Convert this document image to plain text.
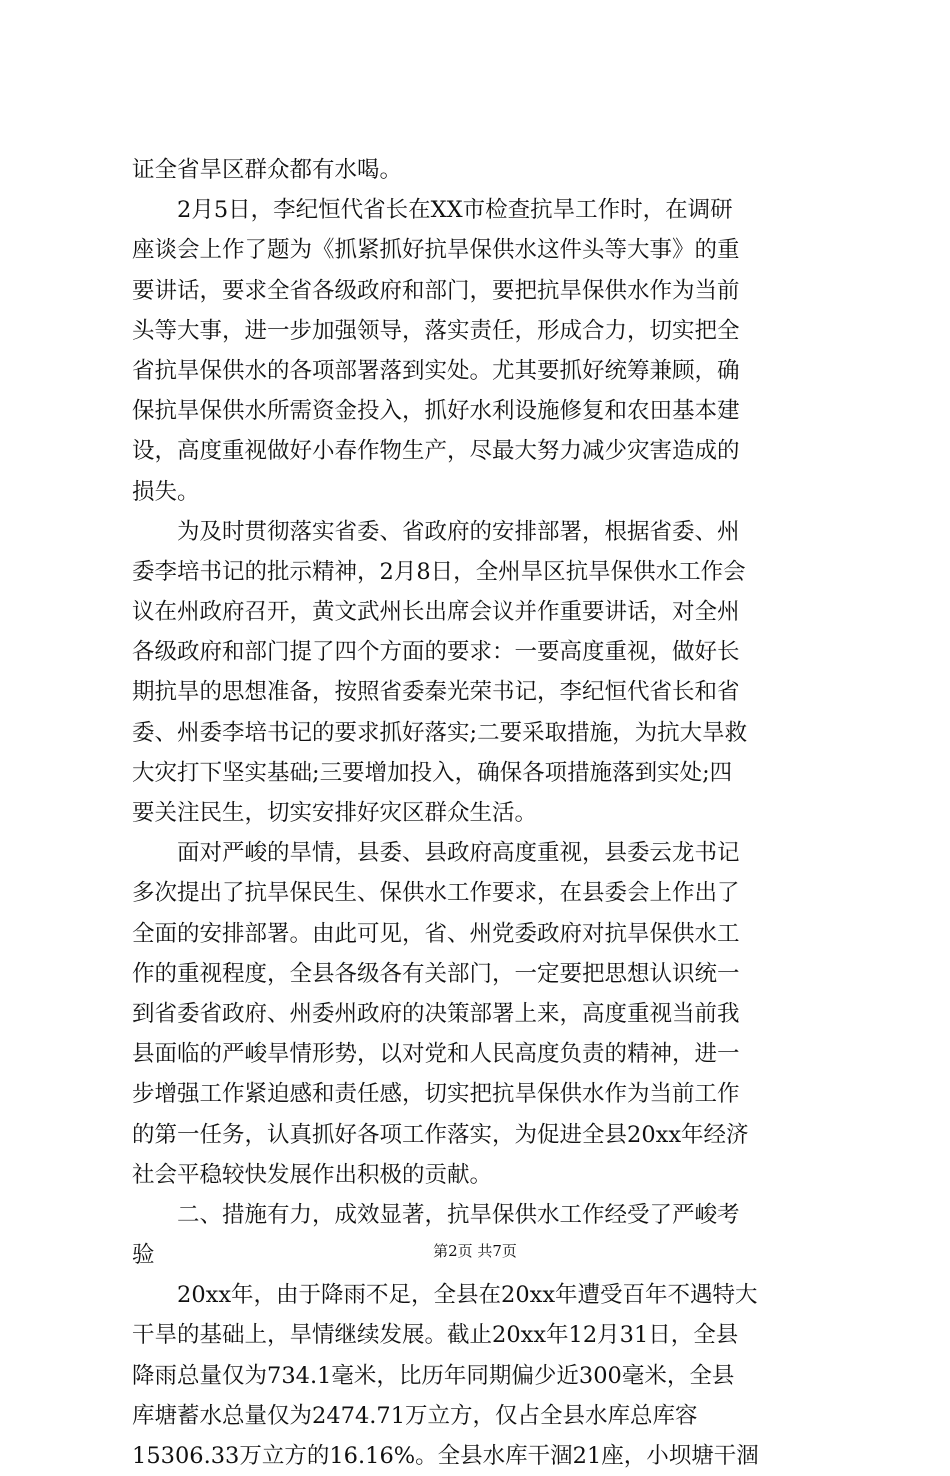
证全省旱区群众都有水喝。
　　2月5日，李纪恒代省长在XX市检查抗旱工作时，在调研
座谈会上作了题为《抓紧抓好抗旱保供水这件头等大事》的重
要讲话，要求全省各级政府和部门，要把抗旱保供水作为当前
头等大事，进一步加强领导，落实责任，形成合力，切实把全
省抗旱保供水的各项部署落到实处。尤其要抓好统筹兼顾，确
保抗旱保供水所需资金投入，抓好水利设施修复和农田基本建
设，高度重视做好小春作物生产，尽最大努力减少灾害造成的
损失。
　　为及时贯彻落实省委、省政府的安排部署，根据省委、州
委李培书记的批示精神，2月8日，全州旱区抗旱保供水工作会
议在州政府召开，黄文武州长出席会议并作重要讲话，对全州
各级政府和部门提了四个方面的要求：一要高度重视，做好长
期抗旱的思想准备，按照省委秦光荣书记，李纪恒代省长和省
委、州委李培书记的要求抓好落实;二要采取措施，为抗大旱救
大灾打下坚实基础;三要增加投入，确保各项措施落到实处;四
要关注民生，切实安排好灾区群众生活。
　　面对严峻的旱情，县委、县政府高度重视，县委云龙书记
多次提出了抗旱保民生、保供水工作要求，在县委会上作出了
全面的安排部署。由此可见，省、州党委政府对抗旱保供水工
作的重视程度，全县各级各有关部门，一定要把思想认识统一
到省委省政府、州委州政府的决策部署上来，高度重视当前我
县面临的严峻旱情形势，以对党和人民高度负责的精神，进一
步增强工作紧迫感和责任感，切实把抗旱保供水作为当前工作
的第一任务，认真抓好各项工作落实，为促进全县20xx年经济
社会平稳较快发展作出积极的贡献。
　　二、措施有力，成效显著，抗旱保供水工作经受了严峻考
验
　　20xx年，由于降雨不足，全县在20xx年遭受百年不遇特大
干旱的基础上，旱情继续发展。截止20xx年12月31日，全县
降雨总量仅为734.1毫米，比历年同期偏少近300毫米，全县
库塘蓄水总量仅为2474.71万立方，仅占全县水库总库容
15306.33万立方的16.16%。全县水库干涸21座，小坝塘干涸
第2页 共7页
